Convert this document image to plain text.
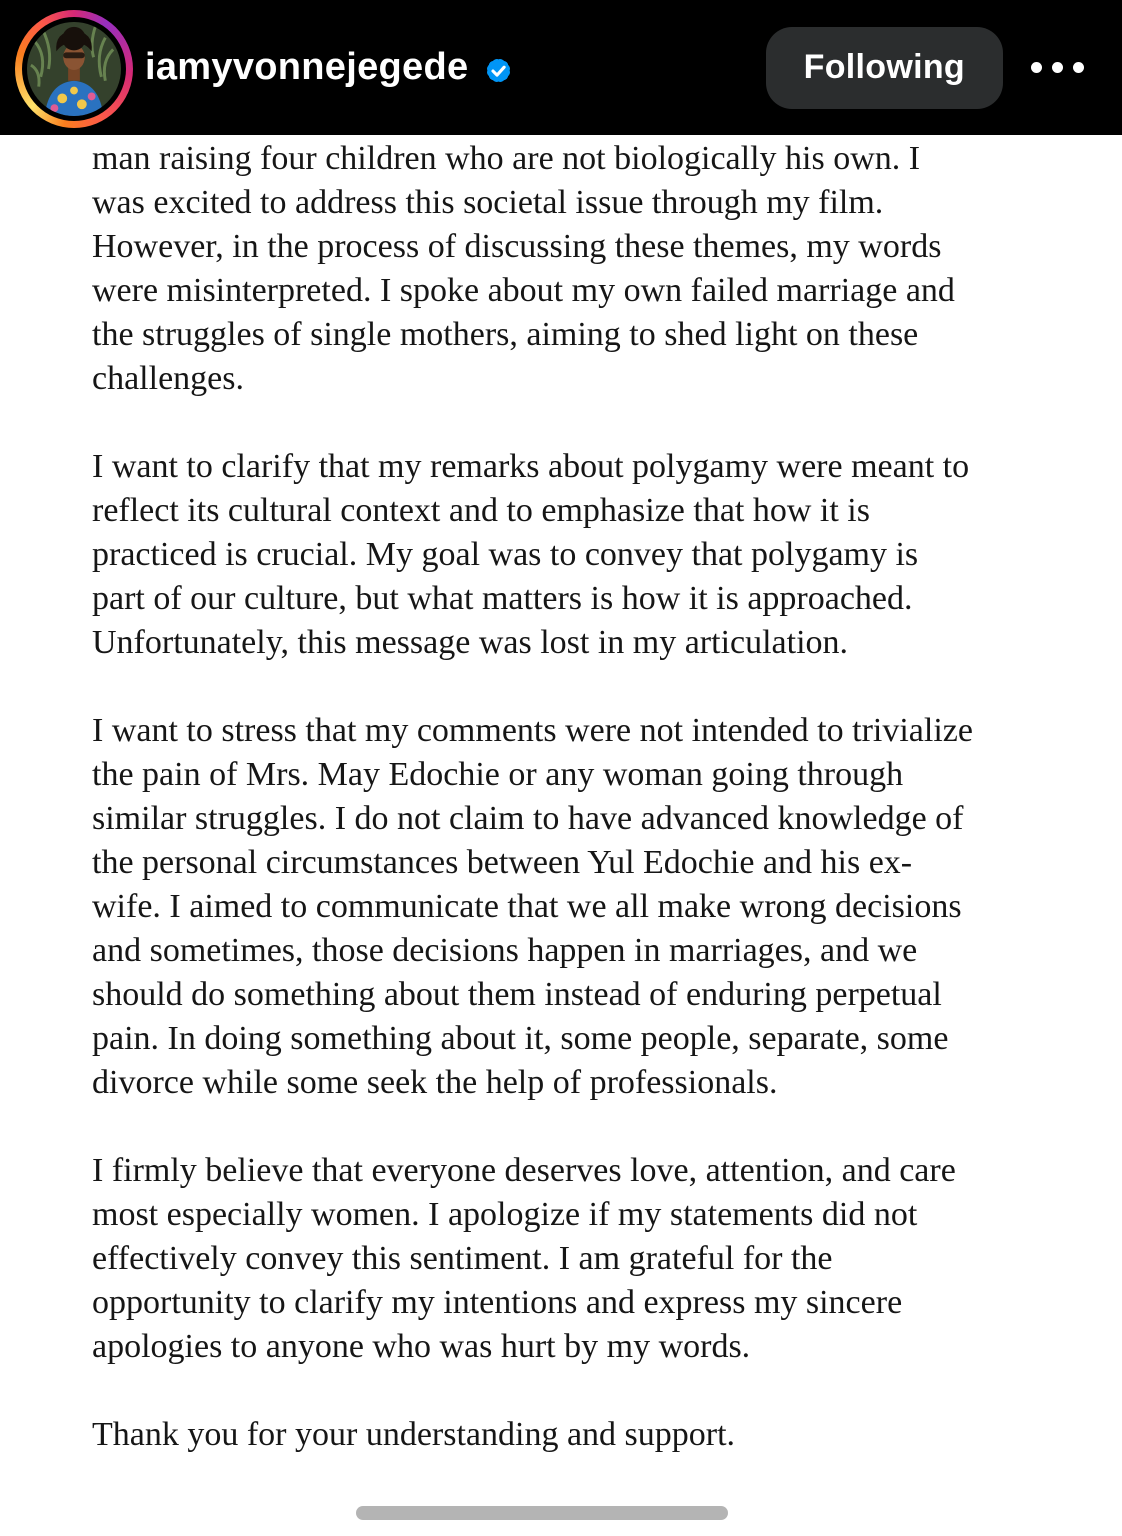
iamyvonnejegede	Following

man raising four children who are not biologically his own. I
was excited to address this societal issue through my film.
However, in the process of discussing these themes, my words
were misinterpreted. I spoke about my own failed marriage and
the struggles of single mothers, aiming to shed light on these
challenges.

I want to clarify that my remarks about polygamy were meant to
reflect its cultural context and to emphasize that how it is
practiced is crucial. My goal was to convey that polygamy is
part of our culture, but what matters is how it is approached.
Unfortunately, this message was lost in my articulation.

I want to stress that my comments were not intended to trivialize
the pain of Mrs. May Edochie or any woman going through
similar struggles. I do not claim to have advanced knowledge of
the personal circumstances between Yul Edochie and his ex-
wife. I aimed to communicate that we all make wrong decisions
and sometimes, those decisions happen in marriages, and we
should do something about them instead of enduring perpetual
pain. In doing something about it, some people, separate, some
divorce while some seek the help of professionals.

I firmly believe that everyone deserves love, attention, and care
most especially women. I apologize if my statements did not
effectively convey this sentiment. I am grateful for the
opportunity to clarify my intentions and express my sincere
apologies to anyone who was hurt by my words.

Thank you for your understanding and support.
